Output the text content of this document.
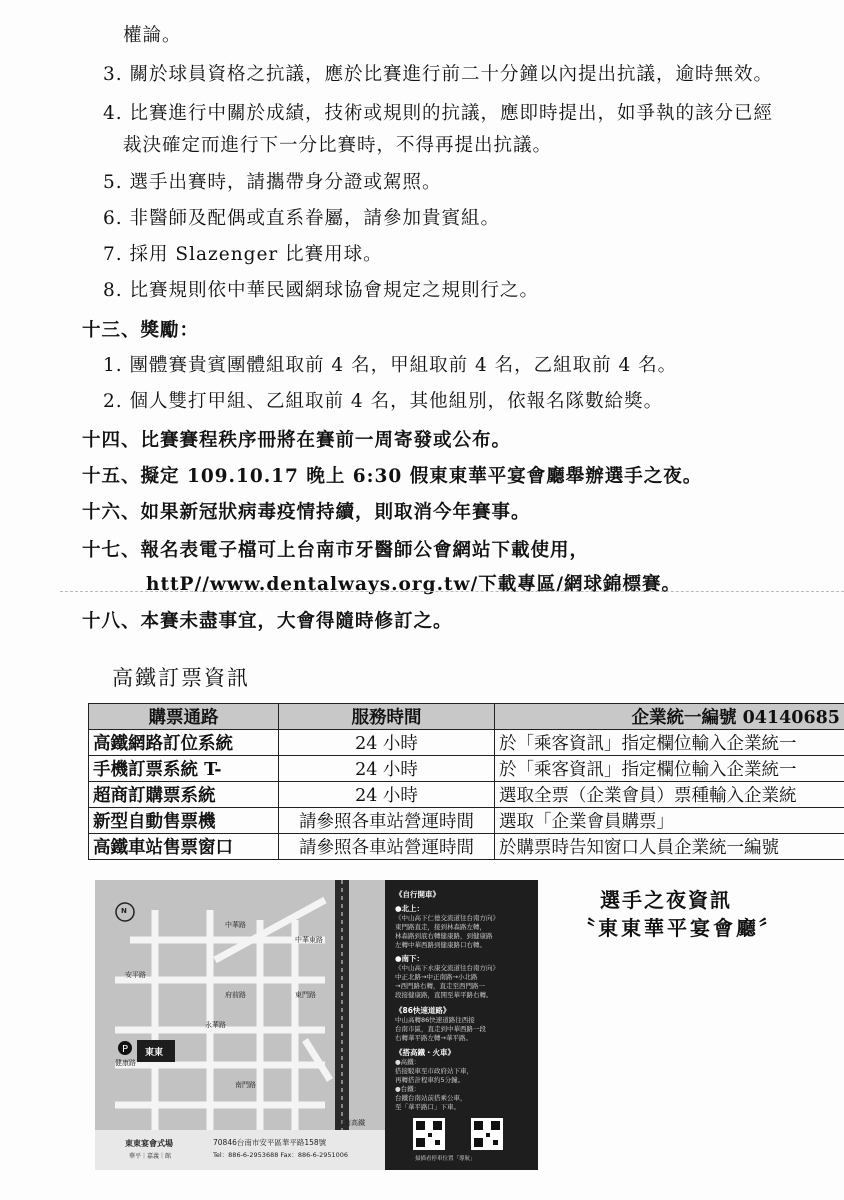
權論。
3. 關於球員資格之抗議，應於比賽進行前二十分鐘以內提出抗議，逾時無效。
4. 比賽進行中關於成績，技術或規則的抗議，應即時提出，如爭執的該分已經
裁決確定而進行下一分比賽時，不得再提出抗議。
5. 選手出賽時，請攜帶身分證或駕照。
6. 非醫師及配偶或直系眷屬，請參加貴賓組。
7. 採用 Slazenger 比賽用球。
8. 比賽規則依中華民國網球協會規定之規則行之。
十三、獎勵：
1. 團體賽貴賓團體組取前 4 名，甲組取前 4 名，乙組取前 4 名。
2. 個人雙打甲組、乙組取前 4 名，其他組別，依報名隊數給獎。
十四、比賽賽程秩序冊將在賽前一周寄發或公布。
十五、擬定 109.10.17 晚上 6:30 假東東華平宴會廳舉辦選手之夜。
十六、如果新冠狀病毒疫情持續，則取消今年賽事。
十七、報名表電子檔可上台南市牙醫師公會網站下載使用，
httP//www.dentalways.org.tw/下載專區/網球錦標賽。
十八、本賽未盡事宜，大會得隨時修訂之。
高鐵訂票資訊
購票通路	服務時間	企業統一編號 04140685
高鐵網路訂位系統	24 小時	於「乘客資訊」指定欄位輸入企業統一
手機訂票系統 T-	24 小時	於「乘客資訊」指定欄位輸入企業統一
超商訂購票系統	24 小時	選取全票（企業會員）票種輸入企業統
新型自動售票機	請參照各車站營運時間	選取「企業會員購票」
高鐵車站售票窗口	請參照各車站營運時間	於購票時告知窗口人員企業統一編號
P
N
中華路
安平路
府前路
健康路
東門路
永華路
南門路
中華東路
東東
台南高鐵
東東宴會式場
華平｜嘉義｜館
70846台南市安平區華平路158號
Tel：886-6-2953688 Fax：886-6-2951006
《自行開車》
●北上：
《中山高下仁德交流道往台南方向》
東門路直走，接到林森路左轉，
林森路到底右轉健康路，到健康路
左轉中華西路到健康路口右轉。
●南下：
《中山高下永康交流道往台南方向》
中正北路→中正南路→小北路
→西門路右轉，直走至西門路一
段接健康路，直開至華平路右轉。
《86快速道路》
中山高轉86快速道路往西接
台南市區，直走到中華西路一段
右轉華平路左轉→華平路。
《搭高鐵・火車》
●高鐵：
搭接駁車至市政府站下車，
再轉搭計程車約5分鐘。
●台鐵：
台鐵台南站前搭乘公車，
至「華平路口」下車。
掃描看停車位置「導航」
選手之夜資訊
〝東東華平宴會廳〞
